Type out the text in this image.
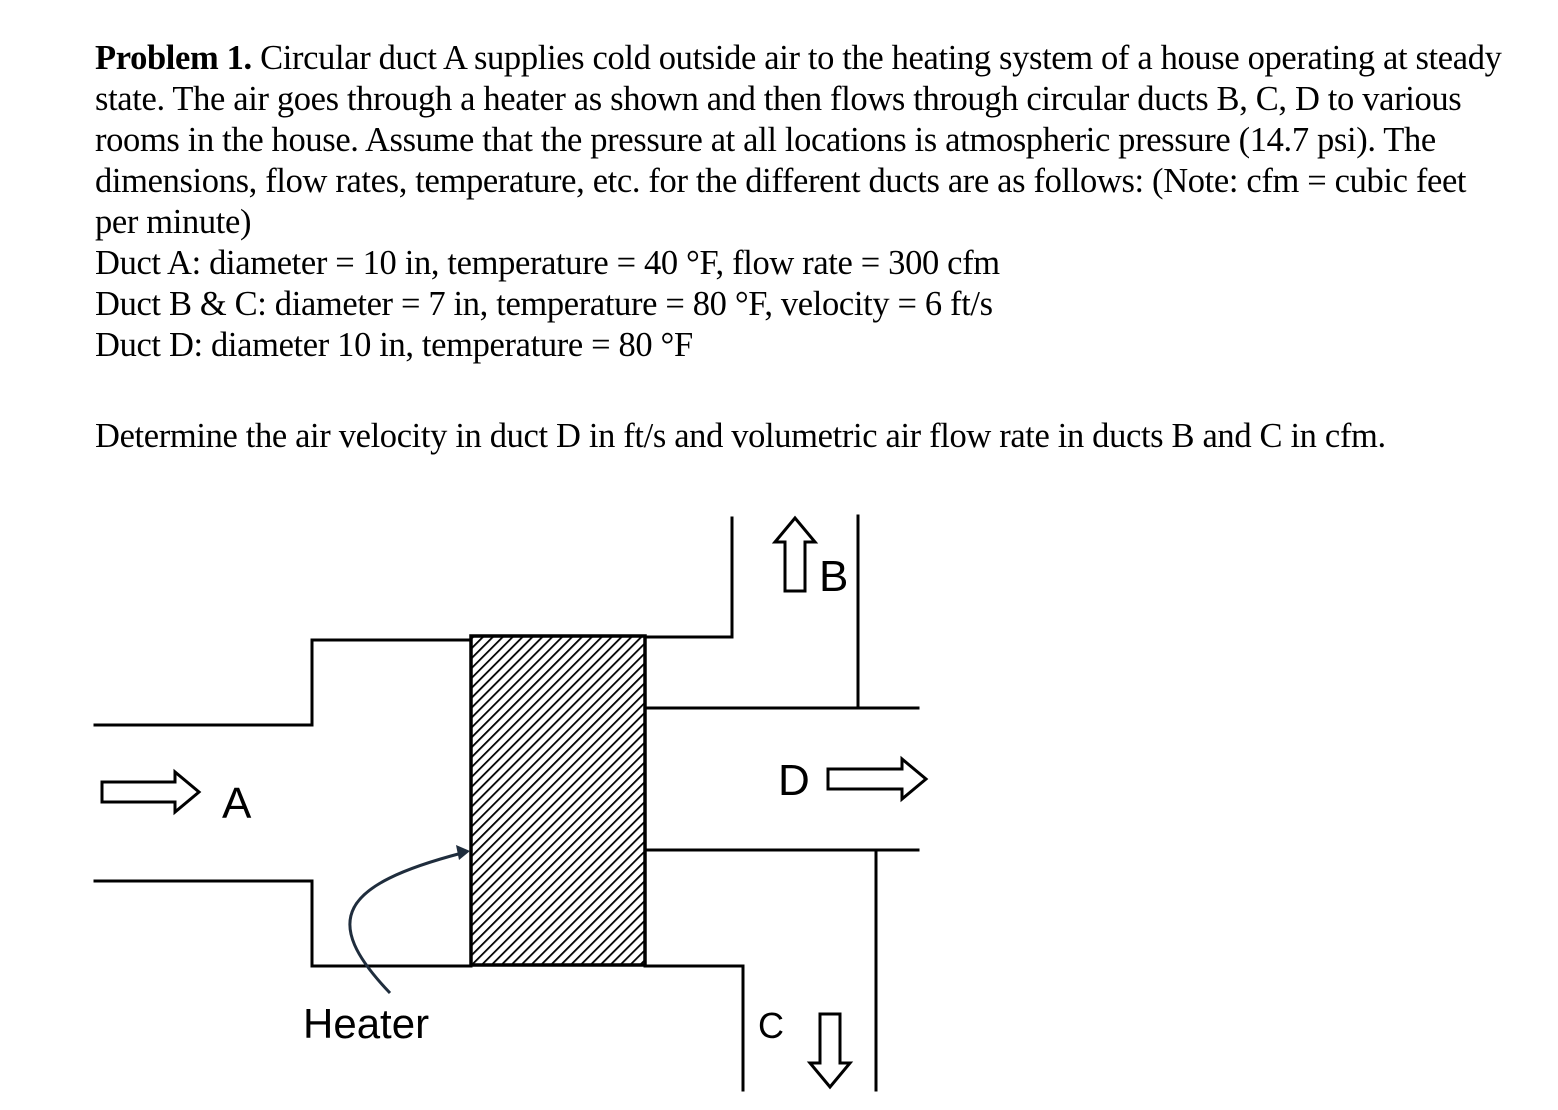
Problem 1. Circular duct A supplies cold outside air to the heating system of a house operating at steady state. The air goes through a heater as shown and then flows through circular ducts B, C, D to various rooms in the house. Assume that the pressure at all locations is atmospheric pressure (14.7 psi). The dimensions, flow rates, temperature, etc. for the different ducts are as follows: (Note: cfm = cubic feet per minute)

Duct A: diameter = 10 in, temperature = 40 °F, flow rate = 300 cfm

Duct B & C: diameter = 7 in, temperature = 80 °F, velocity = 6 ft/s

Duct D: diameter 10 in, temperature = 80 °F

Determine the air velocity in duct D in ft/s and volumetric air flow rate in ducts B and C in cfm.

A
B
D
C
Heater
